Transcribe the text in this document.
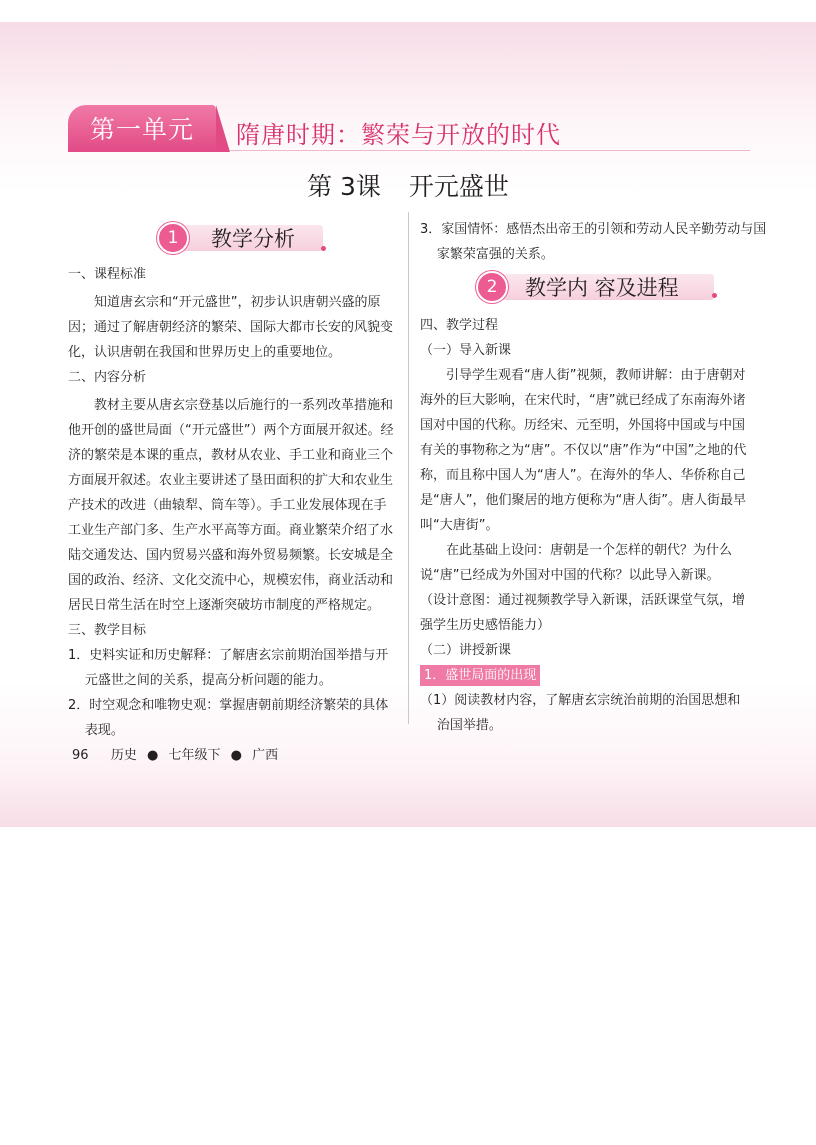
第一单元	隋唐时期：繁荣与开放的时代
第 3课 开元盛世
1	教学分析

一、课程标准

知道唐玄宗和“开元盛世”，初步认识唐朝兴盛的原因；通过了解唐朝经济的繁荣、国际大都市长安的风貌变化，认识唐朝在我国和世界历史上的重要地位。

二、内容分析

教材主要从唐玄宗登基以后施行的一系列改革措施和他开创的盛世局面（“开元盛世”）两个方面展开叙述。经济的繁荣是本课的重点，教材从农业、手工业和商业三个方面展开叙述。农业主要讲述了垦田面积的扩大和农业生产技术的改进（曲辕犁、筒车等）。手工业发展体现在手工业生产部门多、生产水平高等方面。商业繁荣介绍了水陆交通发达、国内贸易兴盛和海外贸易频繁。长安城是全国的政治、经济、文化交流中心，规模宏伟，商业活动和居民日常生活在时空上逐渐突破坊市制度的严格规定。

三、教学目标

1．史料实证和历史解释：了解唐玄宗前期治国举措与开元盛世之间的关系，提高分析问题的能力。

2．时空观念和唯物史观：掌握唐朝前期经济繁荣的具体表现。

3．家国情怀：感悟杰出帝王的引领和劳动人民辛勤劳动与国家繁荣富强的关系。
2	教学内 容及进程

四、教学过程

（一）导入新课

引导学生观看“唐人街”视频，教师讲解：由于唐朝对海外的巨大影响，在宋代时，“唐”就已经成了东南海外诸国对中国的代称。历经宋、元至明，外国将中国或与中国有关的事物称之为“唐”。不仅以“唐”作为“中国”之地的代称，而且称中国人为“唐人”。在海外的华人、华侨称自己是“唐人”，他们聚居的地方便称为“唐人街”。唐人街最早叫“大唐街”。

在此基础上设问：唐朝是一个怎样的朝代？为什么说“唐”已经成为外国对中国的代称？以此导入新课。

（设计意图：通过视频教学导入新课，活跃课堂气氛，增强学生历史感悟能力）

（二）讲授新课

1．盛世局面的出现

（1）阅读教材内容，了解唐玄宗统治前期的治国思想和治国举措。

96 历史 ● 七年级下 ● 广西
